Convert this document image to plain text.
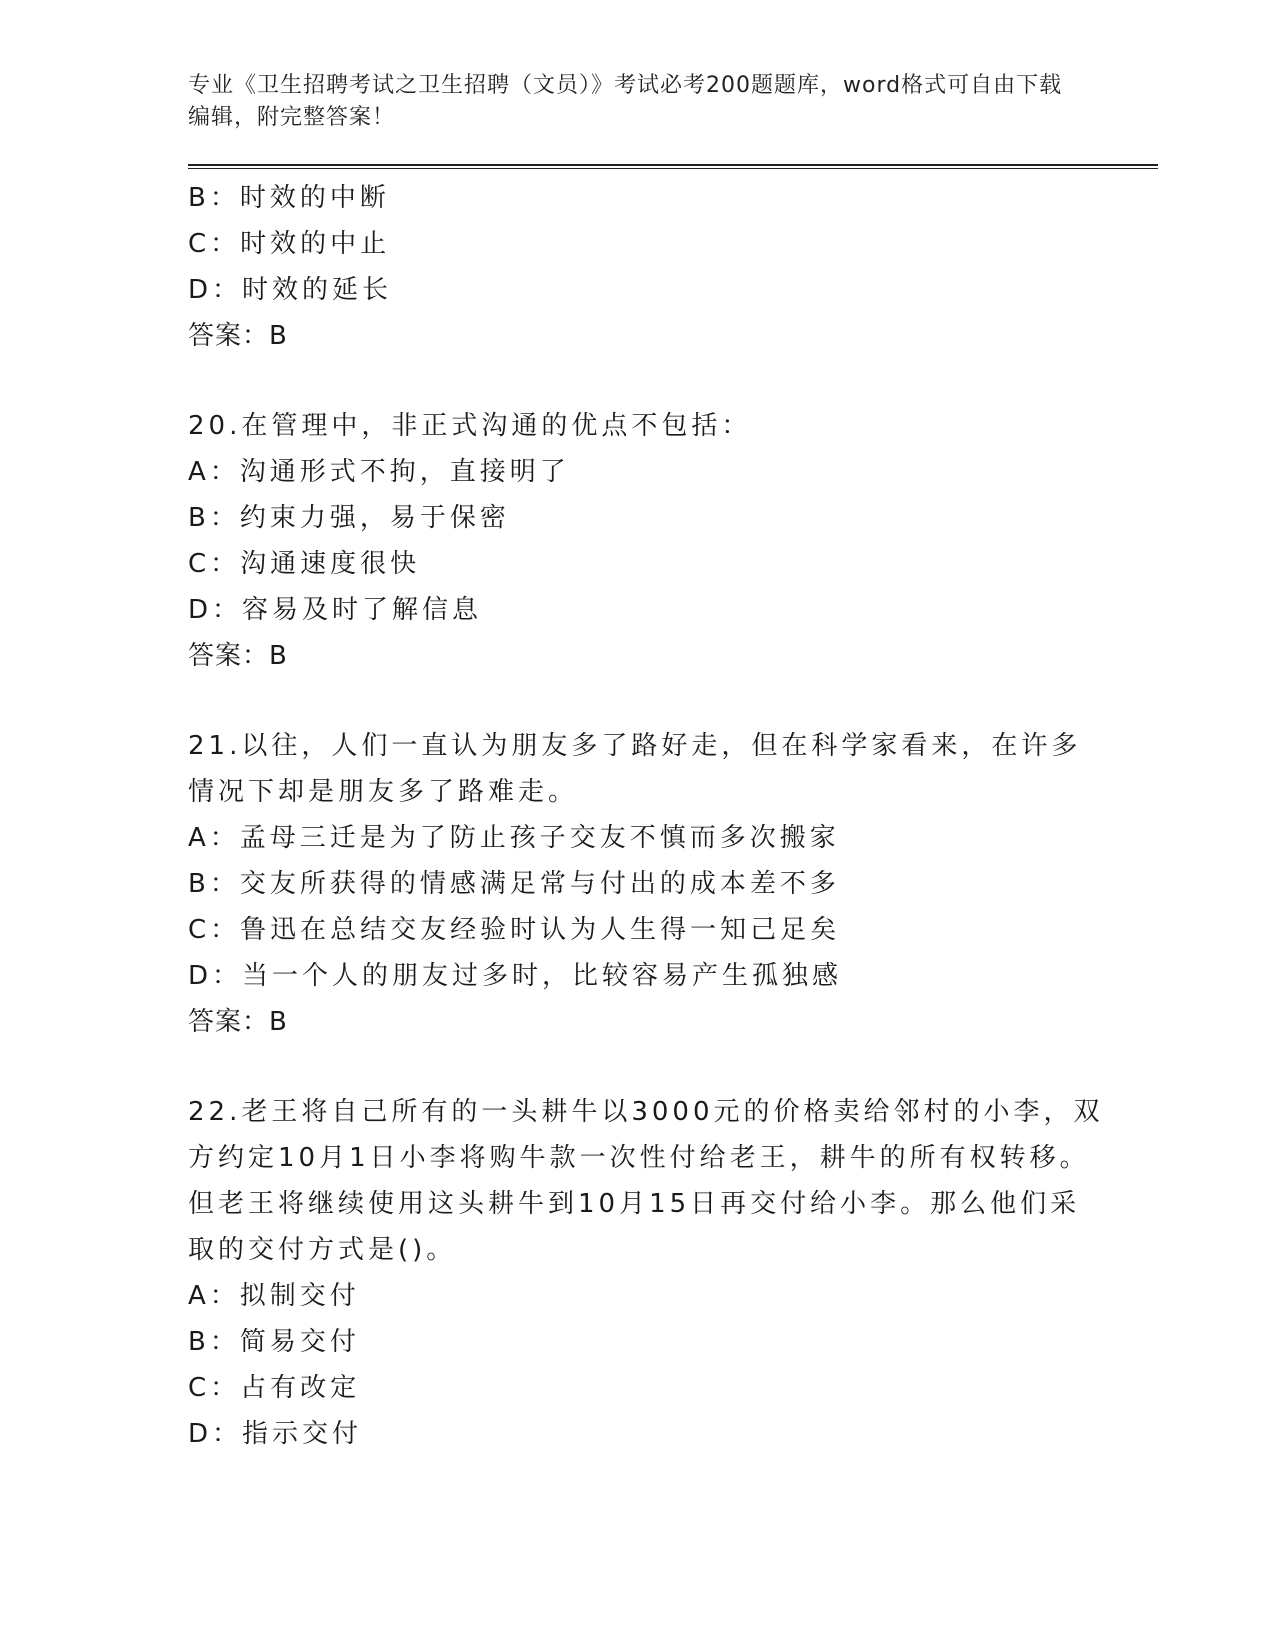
专业《卫生招聘考试之卫生招聘（文员）》考试必考200题题库，word格式可自由下载编辑，附完整答案！

B：时效的中断

C：时效的中止

D：时效的延长

答案：B

20.在管理中，非正式沟通的优点不包括：

A：沟通形式不拘，直接明了

B：约束力强，易于保密

C：沟通速度很快

D：容易及时了解信息

答案：B

21.以往，人们一直认为朋友多了路好走，但在科学家看来，在许多情况下却是朋友多了路难走。

A：孟母三迁是为了防止孩子交友不慎而多次搬家

B：交友所获得的情感满足常与付出的成本差不多

C：鲁迅在总结交友经验时认为人生得一知己足矣

D：当一个人的朋友过多时，比较容易产生孤独感

答案：B

22.老王将自己所有的一头耕牛以3000元的价格卖给邻村的小李，双方约定10月1日小李将购牛款一次性付给老王，耕牛的所有权转移。但老王将继续使用这头耕牛到10月15日再交付给小李。那么他们采取的交付方式是()。

A：拟制交付

B：简易交付

C：占有改定

D：指示交付
